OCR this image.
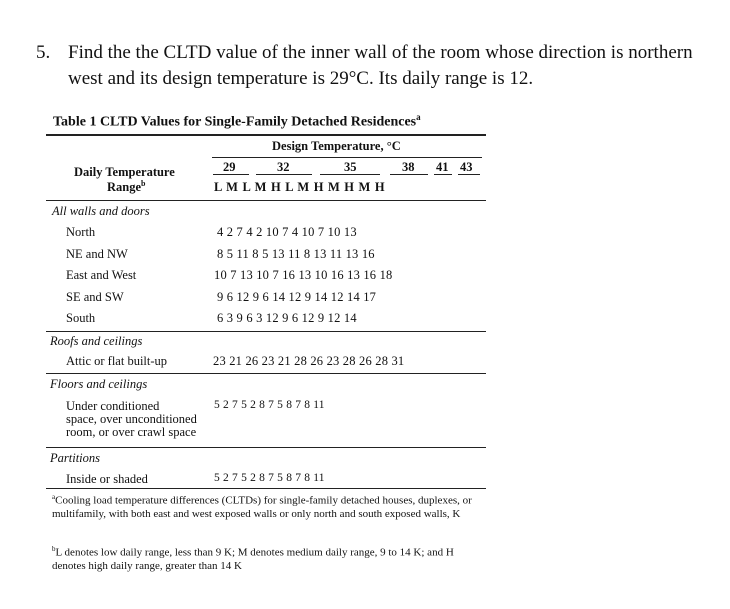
5. Find the the CLTD value of the inner wall of the room whose direction is northern
west and its design temperature is 29°C. Its daily range is 12.
Table 1 CLTD Values for Single-Family Detached Residences$^a$
Design Temperature, °C
Daily Temperature
Range$^b$
29	32	35	38 41 43
L M L M H L M H M H M H
All walls and doors
North	4 2 7 4 2 10 7 4 10 7 10 13
NE and NW	8 5 11 8 5 13 11 8 13 11 13 16
East and West	10 7 13 10 7 16 13 10 16 13 16 18
SE and SW	9 6 12 9 6 14 12 9 14 12 14 17
South	6 3 9 6 3 12 9 6 12 9 12 14
Roofs and ceilings
Attic or flat built-up	23 21 26 23 21 28 26 23 28 26 28 31
Floors and ceilings
Under conditioned
space, over unconditioned
room, or over crawl space
5 2 7 5 2 8 7 5 8 7 8 11
Partitions
Inside or shaded	5 2 7 5 2 8 7 5 8 7 8 11
$^a$Cooling load temperature differences (CLTDs) for single-family detached houses, duplexes, or multifamily, with both east and west exposed walls or only north and south exposed walls, K
$^b$L denotes low daily range, less than 9 K; M denotes medium daily range, 9 to 14 K; and H denotes high daily range, greater than 14 K
